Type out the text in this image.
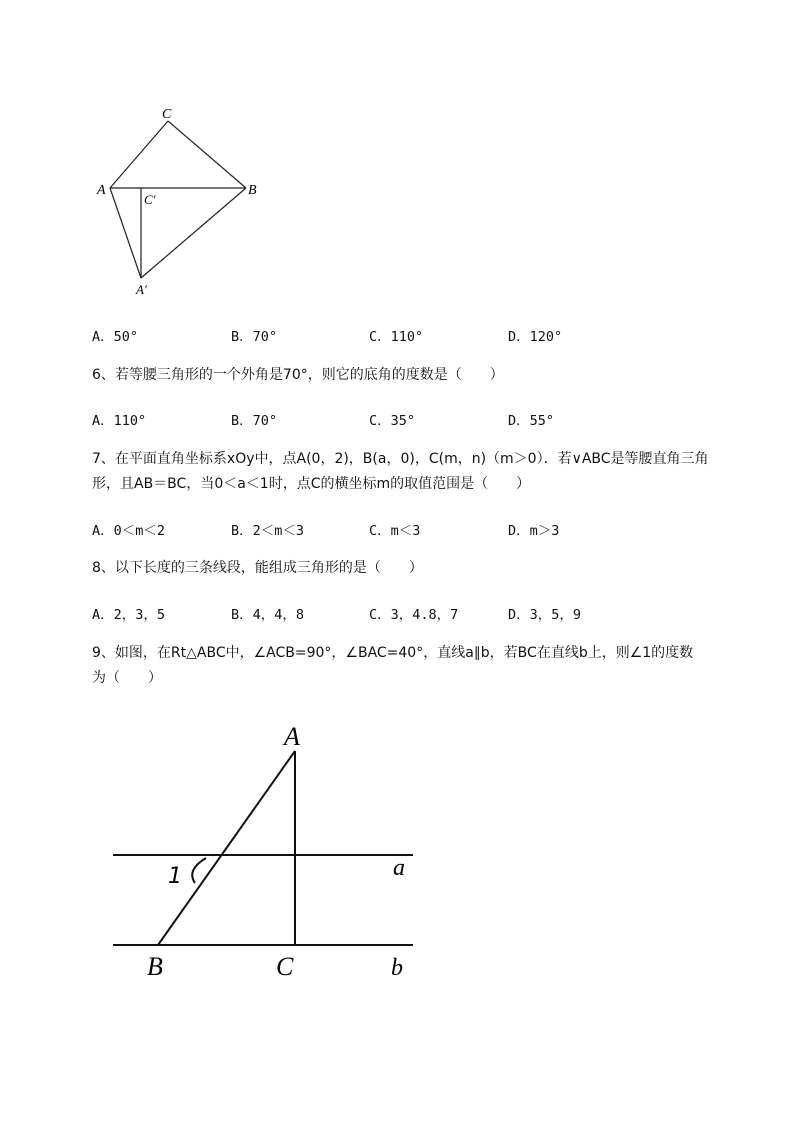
C
A	B
C′
A′
A．50°	B．70°	C．110°	D．120°
6、若等腰三角形的一个外角是70°，则它的底角的度数是（　　）
A．110°	B．70°	C．35°	D．55°
7、在平面直角坐标系xOy中，点A(0，2)，B(a，0)，C(m，n)（m＞0）．若∨ABC是等腰直角三角
形，且AB＝BC，当0＜a＜1时，点C的横坐标m的取值范围是（　　）
A．0＜m＜2	B．2＜m＜3	C．m＜3	D．m＞3
8、以下长度的三条线段，能组成三角形的是（　　）
A．2，3，5	B．4，4，8	C．3，4.8，7	D．3，5，9
9、如图，在Rt△ABC中，∠ACB=90°，∠BAC=40°，直线a∥b，若BC在直线b上，则∠1的度数
为（　　）
A
B	C
a
b
1
